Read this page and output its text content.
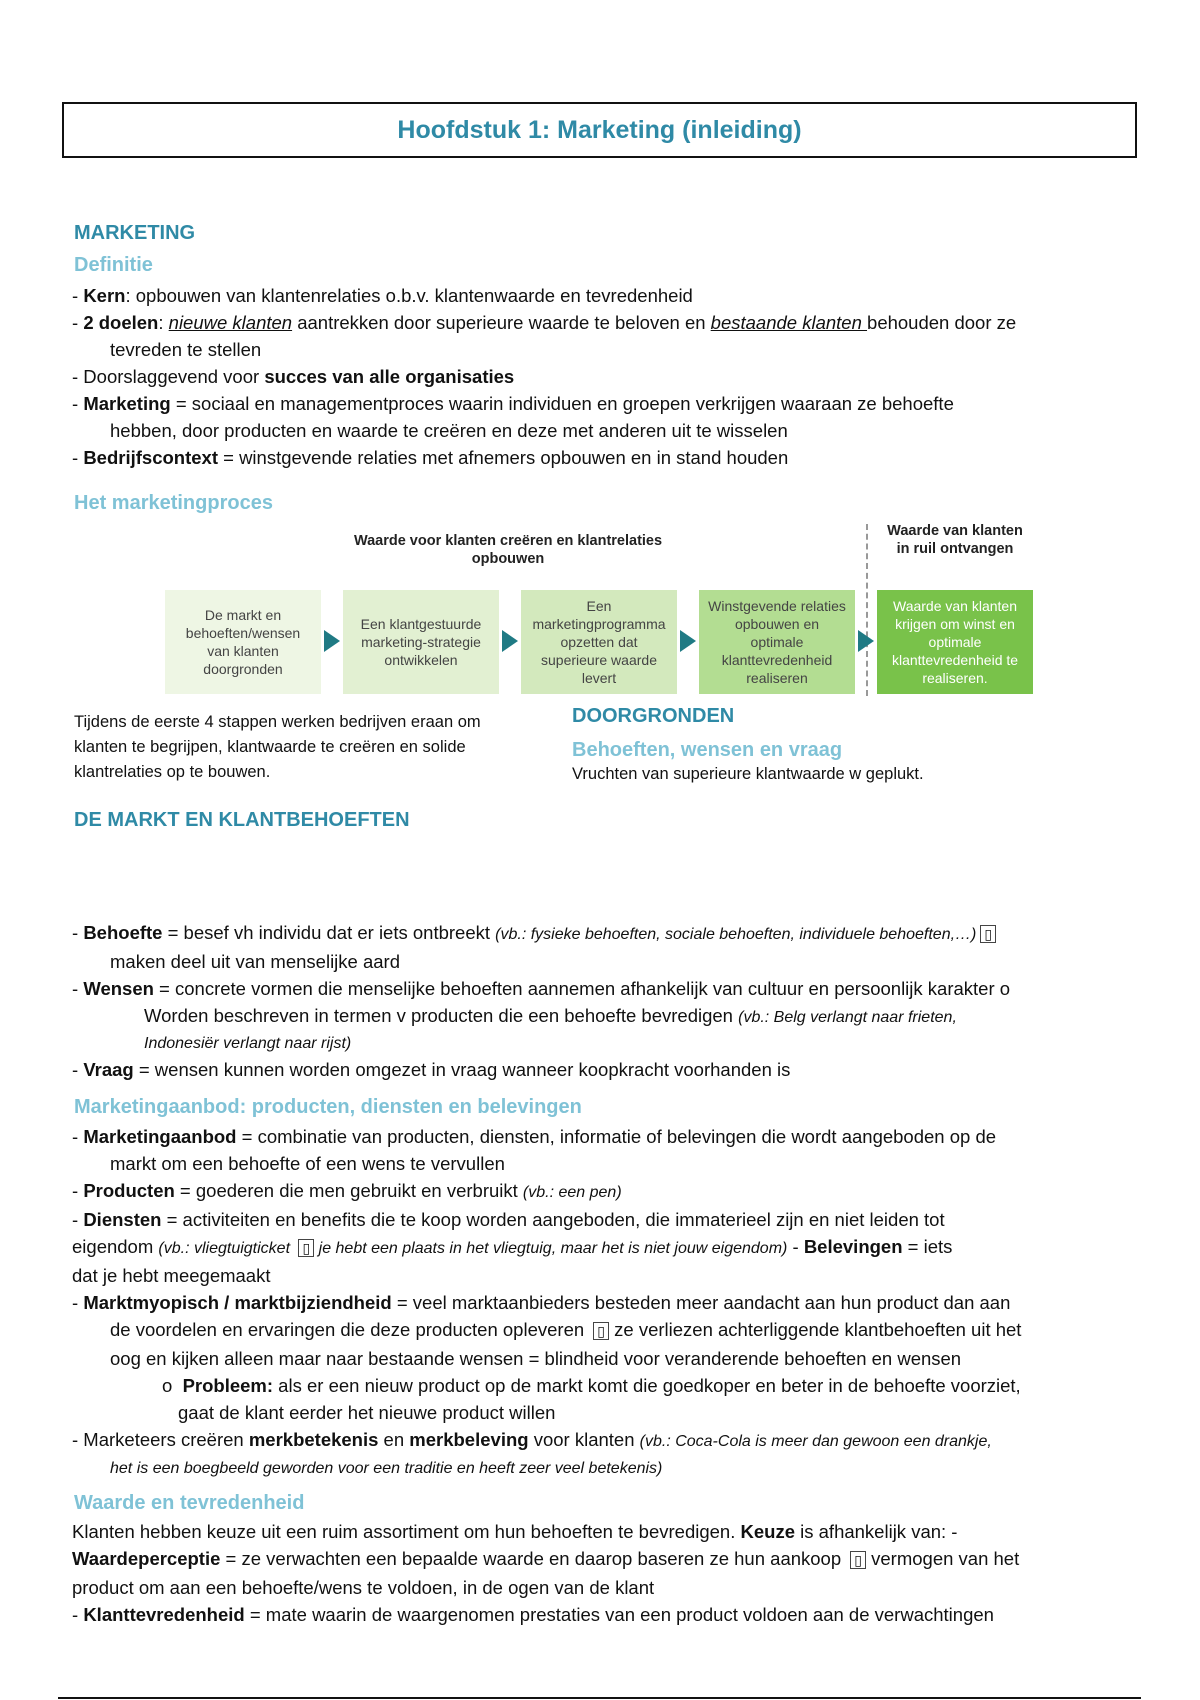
Hoofdstuk 1: Marketing (inleiding)
MARKETING
Definitie
- Kern: opbouwen van klantenrelaties o.b.v. klantenwaarde en tevredenheid
- 2 doelen: nieuwe klanten aantrekken door superieure waarde te beloven en bestaande klanten behouden door ze
tevreden te stellen
- Doorslaggevend voor succes van alle organisaties
- Marketing = sociaal en managementproces waarin individuen en groepen verkrijgen waaraan ze behoefte
hebben, door producten en waarde te creëren en deze met anderen uit te wisselen
- Bedrijfscontext = winstgevende relaties met afnemers opbouwen en in stand houden
Het marketingproces
Waarde voor klanten creëren en klantrelaties opbouwen
Waarde van klanten in ruil ontvangen
De markt en behoeften/wensen van klanten doorgronden
Een klantgestuurde marketing-strategie ontwikkelen
Een marketingprogramma opzetten dat superieure waarde levert
Winstgevende relaties opbouwen en optimale klanttevredenheid realiseren
Waarde van klanten krijgen om winst en optimale klanttevredenheid te realiseren.
Tijdens de eerste 4 stappen werken bedrijven eraan om
klanten te begrijpen, klantwaarde te creëren en solide
klantrelaties op te bouwen.
DOORGRONDEN
Behoeften, wensen en vraag
Vruchten van superieure klantwaarde w geplukt.
DE MARKT EN KLANTBEHOEFTEN
- Behoefte = besef vh individu dat er iets ontbreekt (vb.: fysieke behoeften, sociale behoeften, individuele behoeften,…) ▯
maken deel uit van menselijke aard
- Wensen = concrete vormen die menselijke behoeften aannemen afhankelijk van cultuur en persoonlijk karakter o
Worden beschreven in termen v producten die een behoefte bevredigen (vb.: Belg verlangt naar frieten,
Indonesiër verlangt naar rijst)
- Vraag = wensen kunnen worden omgezet in vraag wanneer koopkracht voorhanden is
Marketingaanbod: producten, diensten en belevingen
- Marketingaanbod = combinatie van producten, diensten, informatie of belevingen die wordt aangeboden op de
markt om een behoefte of een wens te vervullen
- Producten = goederen die men gebruikt en verbruikt (vb.: een pen)
- Diensten = activiteiten en benefits die te koop worden aangeboden, die immaterieel zijn en niet leiden tot
eigendom (vb.: vliegtuigticket ▯ je hebt een plaats in het vliegtuig, maar het is niet jouw eigendom) - Belevingen = iets
dat je hebt meegemaakt
- Marktmyopisch / marktbijziendheid = veel marktaanbieders besteden meer aandacht aan hun product dan aan
de voordelen en ervaringen die deze producten opleveren ▯ ze verliezen achterliggende klantbehoeften uit het
oog en kijken alleen maar naar bestaande wensen = blindheid voor veranderende behoeften en wensen
o Probleem: als er een nieuw product op de markt komt die goedkoper en beter in de behoefte voorziet,
gaat de klant eerder het nieuwe product willen
- Marketeers creëren merkbetekenis en merkbeleving voor klanten (vb.: Coca-Cola is meer dan gewoon een drankje,
het is een boegbeeld geworden voor een traditie en heeft zeer veel betekenis)
Waarde en tevredenheid
Klanten hebben keuze uit een ruim assortiment om hun behoeften te bevredigen. Keuze is afhankelijk van: -
Waardeperceptie = ze verwachten een bepaalde waarde en daarop baseren ze hun aankoop ▯ vermogen van het
product om aan een behoefte/wens te voldoen, in de ogen van de klant
- Klanttevredenheid = mate waarin de waargenomen prestaties van een product voldoen aan de verwachtingen
